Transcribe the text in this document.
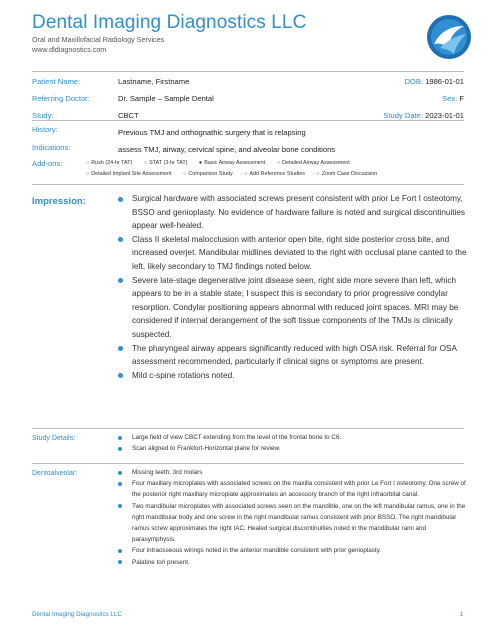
Dental Imaging Diagnostics LLC
Oral and Maxillofacial Radiology Services
www.dldiagnostics.com
Patient Name:	Lastname, Firstname	DOB: 1986-01-01
Referring Doctor:	Dr. Sample – Sample Dental	Sex: F
Study:	CBCT	Study Date: 2023-01-01
History:	Previous TMJ and orthognathic surgery that is relapsing
Indications:	assess TMJ, airway, cervical spine, and alveolar bone conditions
Add-ons:	○ Rush (24-hr TAT) ○ STAT (3-hr TAT) ● Basic Airway Assessment ○ Detailed Airway Assessment
○ Detailed Implant Site Assessment ○ Comparison Study ○ Add Reference Studies ○ Zoom Case Discussion
Impression:	Surgical hardware with associated screws present consistent with prior Le Fort I osteotomy, BSSO and genioplasty. No evidence of hardware failure is noted and surgical discontinuities appear well-healed.
Class II skeletal malocclusion with anterior open bite, right side posterior cross bite, and increased overjet. Mandibular midlines deviated to the right with occlusal plane canted to the left, likely secondary to TMJ findings noted below.
Severe late-stage degenerative joint disease seen, right side more severe than left, which appears to be in a stable state; I suspect this is secondary to prior progressive condylar resorption. Condylar positioning appears abnormal with reduced joint spaces. MRI may be considered if internal derangement of the soft tissue components of the TMJs is clinically suspected.
The pharyngeal airway appears significantly reduced with high OSA risk. Referral for OSA assessment recommended, particularly if clinical signs or symptoms are present.
Mild c-spine rotations noted.
Study Details:	Large field of view CBCT extending from the level of the frontal bone to C6.
Scan aligned to Frankfort-Horizontal plane for review.
Dentoalveolar:	Missing teeth: 3rd molars
Four maxillary microplates with associated screws on the maxilla consistent with prior Le Fort I osteotomy. One screw of the posterior right maxillary microplate approximates an accessory branch of the right infraorbital canal.
Two mandibular microplates with associated screws seen on the mandible, one on the left mandibular ramus, one in the right mandibular body and one screw in the right mandibular ramus consistent with prior BSSO. The right mandibular ramus screw approximates the right IAC. Healed surgical discontinuities noted in the mandibular rami and parasymphysis.
Four intraosseous wirings noted in the anterior mandible consistent with prior genioplasty.
Palatine tori present.
Dental Imaging Diagnostics LLC	1
